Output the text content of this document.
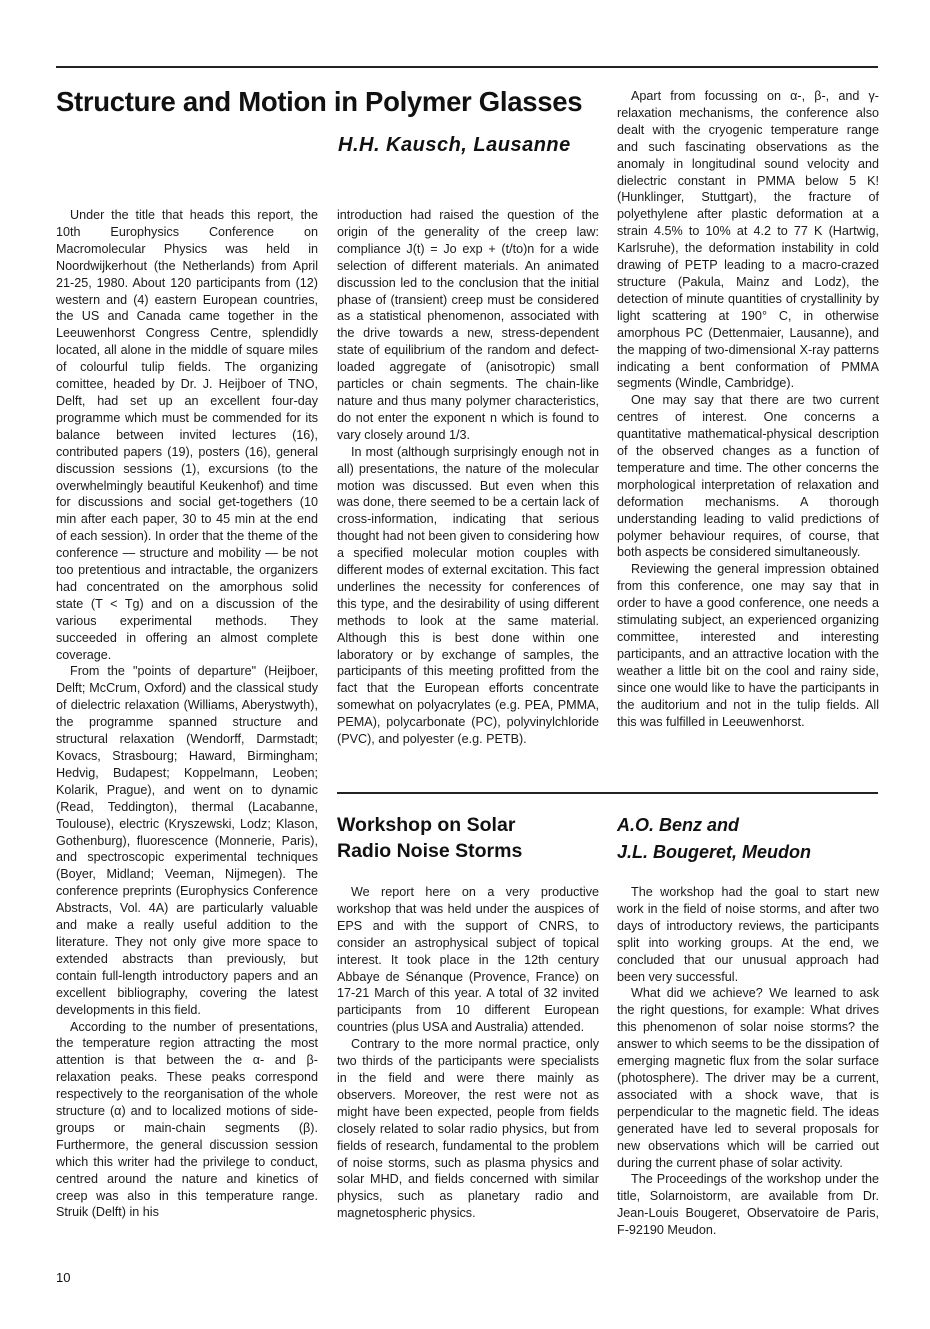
Structure and Motion in Polymer Glasses
H.H. Kausch, Lausanne

Under the title that heads this report, the 10th Europhysics Conference on Macromolecular Physics was held in Noordwijkerhout (the Netherlands) from April 21-25, 1980. About 120 participants from (12) western and (4) eastern European countries, the US and Canada came together in the Leeuwenhorst Congress Centre, splendidly located, all alone in the middle of square miles of colourful tulip fields. The organizing comittee, headed by Dr. J. Heijboer of TNO, Delft, had set up an excellent four-day programme which must be commended for its balance between invited lectures (16), contributed papers (19), posters (16), general discussion sessions (1), excursions (to the overwhelmingly beautiful Keukenhof) and time for discussions and social get-togethers (10 min after each paper, 30 to 45 min at the end of each session). In order that the theme of the conference — structure and mobility — be not too pretentious and intractable, the organizers had concentrated on the amorphous solid state (T < Tg) and on a discussion of the various experimental methods. They succeeded in offering an almost complete coverage.

From the "points of departure" (Heijboer, Delft; McCrum, Oxford) and the classical study of dielectric relaxation (Williams, Aberystwyth), the programme spanned structure and structural relaxation (Wendorff, Darmstadt; Kovacs, Strasbourg; Haward, Birmingham; Hedvig, Budapest; Koppelmann, Leoben; Kolarik, Prague), and went on to dynamic (Read, Teddington), thermal (Lacabanne, Toulouse), electric (Kryszewski, Lodz; Klason, Gothenburg), fluorescence (Monnerie, Paris), and spectroscopic experimental techniques (Boyer, Midland; Veeman, Nijmegen). The conference preprints (Europhysics Conference Abstracts, Vol. 4A) are particularly valuable and make a really useful addition to the literature. They not only give more space to extended abstracts than previously, but contain full-length introductory papers and an excellent bibliography, covering the latest developments in this field.

According to the number of presentations, the temperature region attracting the most attention is that between the α- and β-relaxation peaks. These peaks correspond respectively to the reorganisation of the whole structure (α) and to localized motions of side-groups or main-chain segments (β). Furthermore, the general discussion session which this writer had the privilege to conduct, centred around the nature and kinetics of creep was also in this temperature range. Struik (Delft) in his

introduction had raised the question of the origin of the generality of the creep law: compliance J(t) = Jo exp + (t/to)n for a wide selection of different materials. An animated discussion led to the conclusion that the initial phase of (transient) creep must be considered as a statistical phenomenon, associated with the drive towards a new, stress-dependent state of equilibrium of the random and defect-loaded aggregate of (anisotropic) small particles or chain segments. The chain-like nature and thus many polymer characteristics, do not enter the exponent n which is found to vary closely around 1/3.

In most (although surprisingly enough not in all) presentations, the nature of the molecular motion was discussed. But even when this was done, there seemed to be a certain lack of cross-information, indicating that serious thought had not been given to considering how a specified molecular motion couples with different modes of external excitation. This fact underlines the necessity for conferences of this type, and the desirability of using different methods to look at the same material. Although this is best done within one laboratory or by exchange of samples, the participants of this meeting profitted from the fact that the European efforts concentrate somewhat on polyacrylates (e.g. PEA, PMMA, PEMA), polycarbonate (PC), polyvinylchloride (PVC), and polyester (e.g. PETB).

Apart from focussing on α-, β-, and γ-relaxation mechanisms, the conference also dealt with the cryogenic temperature range and such fascinating observations as the anomaly in longitudinal sound velocity and dielectric constant in PMMA below 5 K! (Hunklinger, Stuttgart), the fracture of polyethylene after plastic deformation at a strain 4.5% to 10% at 4.2 to 77 K (Hartwig, Karlsruhe), the deformation instability in cold drawing of PETP leading to a macro-crazed structure (Pakula, Mainz and Lodz), the detection of minute quantities of crystallinity by light scattering at 190° C, in otherwise amorphous PC (Dettenmaier, Lausanne), and the mapping of two-dimensional X-ray patterns indicating a bent conformation of PMMA segments (Windle, Cambridge).

One may say that there are two current centres of interest. One concerns a quantitative mathematical-physical description of the observed changes as a function of temperature and time. The other concerns the morphological interpretation of relaxation and deformation mechanisms. A thorough understanding leading to valid predictions of polymer behaviour requires, of course, that both aspects be considered simultaneously.

Reviewing the general impression obtained from this conference, one may say that in order to have a good conference, one needs a stimulating subject, an experienced organizing committee, interested and interesting participants, and an attractive location with the weather a little bit on the cool and rainy side, since one would like to have the participants in the auditorium and not in the tulip fields. All this was fulfilled in Leeuwenhorst.

Workshop on Solar
Radio Noise Storms
A.O. Benz and
J.L. Bougeret, Meudon

We report here on a very productive workshop that was held under the auspices of EPS and with the support of CNRS, to consider an astrophysical subject of topical interest. It took place in the 12th century Abbaye de Sénanque (Provence, France) on 17-21 March of this year. A total of 32 invited participants from 10 different European countries (plus USA and Australia) attended.

Contrary to the more normal practice, only two thirds of the participants were specialists in the field and were there mainly as observers. Moreover, the rest were not as might have been expected, people from fields closely related to solar radio physics, but from fields of research, fundamental to the problem of noise storms, such as plasma physics and solar MHD, and fields concerned with similar physics, such as planetary radio and magnetospheric physics.

The workshop had the goal to start new work in the field of noise storms, and after two days of introductory reviews, the participants split into working groups. At the end, we concluded that our unusual approach had been very successful.

What did we achieve? We learned to ask the right questions, for example: What drives this phenomenon of solar noise storms? the answer to which seems to be the dissipation of emerging magnetic flux from the solar surface (photosphere). The driver may be a current, associated with a shock wave, that is perpendicular to the magnetic field. The ideas generated have led to several proposals for new observations which will be carried out during the current phase of solar activity.

The Proceedings of the workshop under the title, Solarnoistorm, are available from Dr. Jean-Louis Bougeret, Observatoire de Paris, F-92190 Meudon.

10
